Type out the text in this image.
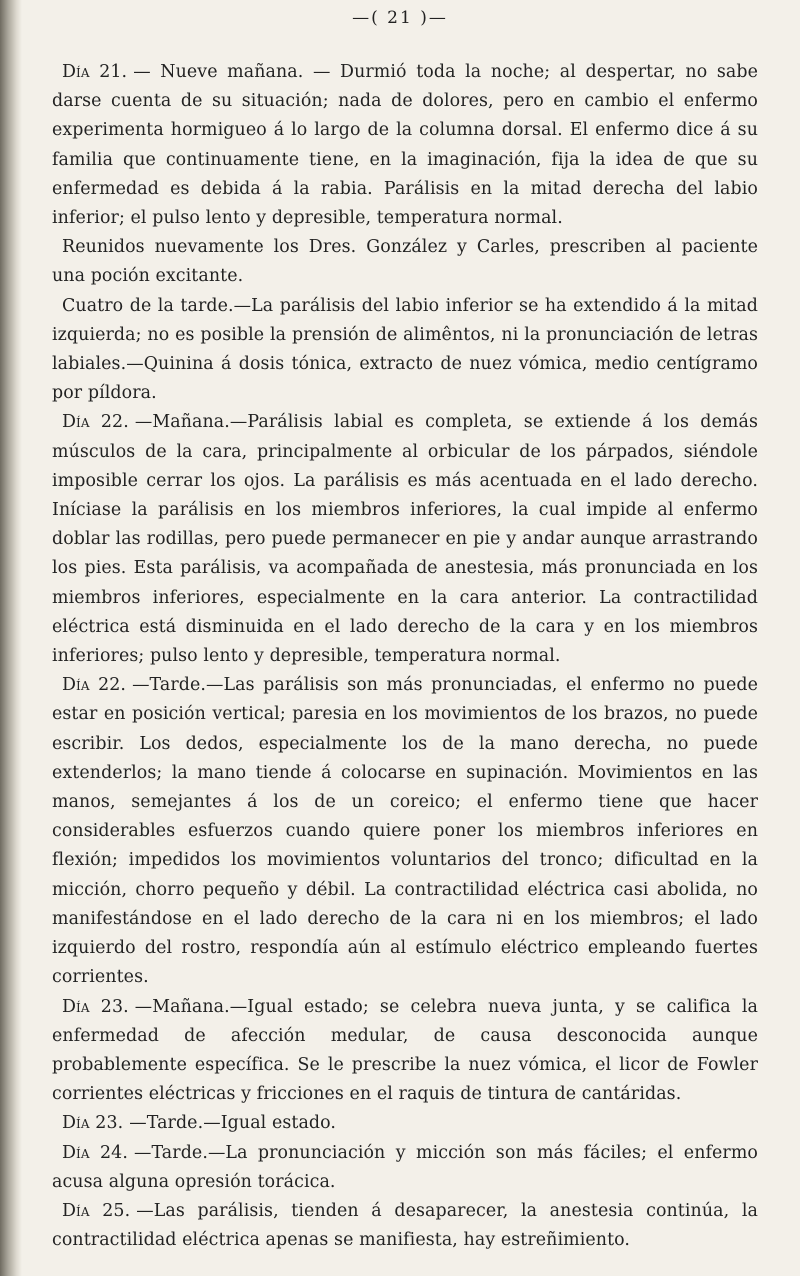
—( 21 )—

Día 21. — Nueve mañana. — Durmió toda la noche; al despertar, no sabe darse cuenta de su situación; nada de dolores, pero en cambio el enfermo experimenta hormigueo á lo largo de la columna dorsal. El enfermo dice á su familia que continuamente tiene, en la imaginación, fija la idea de que su enfermedad es debida á la rabia. Parálisis en la mitad derecha del labio inferior; el pulso lento y depresible, temperatura normal.

Reunidos nuevamente los Dres. González y Carles, prescriben al paciente una poción excitante.

Cuatro de la tarde.—La parálisis del labio inferior se ha extendido á la mitad izquierda; no es posible la prensión de alimêntos, ni la pronunciación de letras labiales.—Quinina á dosis tónica, extracto de nuez vómica, medio centígramo por píldora.

Día 22. —Mañana.—Parálisis labial es completa, se extiende á los demás músculos de la cara, principalmente al orbicular de los párpados, siéndole imposible cerrar los ojos. La parálisis es más acentuada en el lado derecho. Iníciase la parálisis en los miembros inferiores, la cual impide al enfermo doblar las rodillas, pero puede permanecer en pie y andar aunque arrastrando los pies. Esta parálisis, va acompañada de anestesia, más pronunciada en los miembros inferiores, especialmente en la cara anterior. La contractilidad eléctrica está disminuida en el lado derecho de la cara y en los miembros inferiores; pulso lento y depresible, temperatura normal.

Día 22. —Tarde.—Las parálisis son más pronunciadas, el enfermo no puede estar en posición vertical; paresia en los movimientos de los brazos, no puede escribir. Los dedos, especialmente los de la mano derecha, no puede extenderlos; la mano tiende á colocarse en supinación. Movimientos en las manos, semejantes á los de un coreico; el enfermo tiene que hacer considerables esfuerzos cuando quiere poner los miembros inferiores en flexión; impedidos los movimientos voluntarios del tronco; dificultad en la micción, chorro pequeño y débil. La contractilidad eléctrica casi abolida, no manifestándose en el lado derecho de la cara ni en los miembros; el lado izquierdo del rostro, respondía aún al estímulo eléctrico empleando fuertes corrientes.

Día 23. —Mañana.—Igual estado; se celebra nueva junta, y se califica la enfermedad de afección medular, de causa desconocida aunque probablemente específica. Se le prescribe la nuez vómica, el licor de Fowler corrientes eléctricas y fricciones en el raquis de tintura de cantáridas.

Día 23. —Tarde.—Igual estado.

Día 24. —Tarde.—La pronunciación y micción son más fáciles; el enfermo acusa alguna opresión torácica.

Día 25. —Las parálisis, tienden á desaparecer, la anestesia continúa, la contractilidad eléctrica apenas se manifiesta, hay estreñimiento.
